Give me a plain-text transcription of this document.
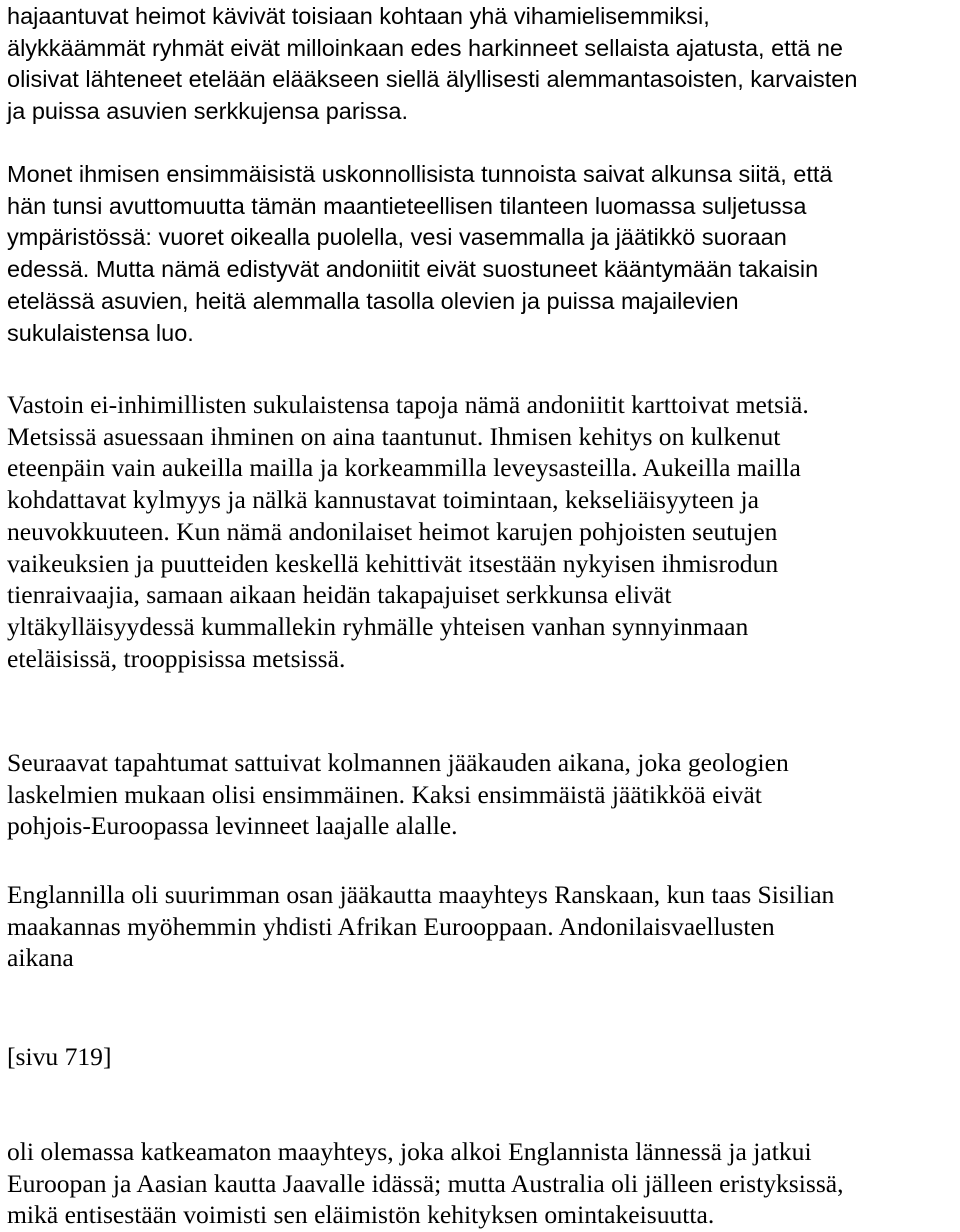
hajaantuvat heimot kävivät toisiaan kohtaan yhä vihamielisemmiksi,
älykkäämmät ryhmät eivät milloinkaan edes harkinneet sellaista ajatusta, että ne
olisivat lähteneet etelään elääkseen siellä älyllisesti alemmantasoisten, karvaisten
ja puissa asuvien serkkujensa parissa.

Monet ihmisen ensimmäisistä uskonnollisista tunnoista saivat alkunsa siitä, että
hän tunsi avuttomuutta tämän maantieteellisen tilanteen luomassa suljetussa
ympäristössä: vuoret oikealla puolella, vesi vasemmalla ja jäätikkö suoraan
edessä. Mutta nämä edistyvät andoniitit eivät suostuneet kääntymään takaisin
etelässä asuvien, heitä alemmalla tasolla olevien ja puissa majailevien
sukulaistensa luo.

Vastoin ei-inhimillisten sukulaistensa tapoja nämä andoniitit karttoivat metsiä.
Metsissä asuessaan ihminen on aina taantunut. Ihmisen kehitys on kulkenut
eteenpäin vain aukeilla mailla ja korkeammilla leveysasteilla. Aukeilla mailla
kohdattavat kylmyys ja nälkä kannustavat toimintaan, kekseliäisyyteen ja
neuvokkuuteen. Kun nämä andonilaiset heimot karujen pohjoisten seutujen
vaikeuksien ja puutteiden keskellä kehittivät itsestään nykyisen ihmisrodun
tienraivaajia, samaan aikaan heidän takapajuiset serkkunsa elivät
yltäkylläisyydessä kummallekin ryhmälle yhteisen vanhan synnyinmaan
eteläisissä, trooppisissa metsissä.

Seuraavat tapahtumat sattuivat kolmannen jääkauden aikana, joka geologien
laskelmien mukaan olisi ensimmäinen. Kaksi ensimmäistä jäätikköä eivät
pohjois-Euroopassa levinneet laajalle alalle.

Englannilla oli suurimman osan jääkautta maayhteys Ranskaan, kun taas Sisilian
maakannas myöhemmin yhdisti Afrikan Eurooppaan. Andonilaisvaellusten
aikana

[sivu 719]

oli olemassa katkeamaton maayhteys, joka alkoi Englannista lännessä ja jatkui
Euroopan ja Aasian kautta Jaavalle idässä; mutta Australia oli jälleen eristyksissä,
mikä entisestään voimisti sen eläimistön kehityksen omintakeisuutta.
